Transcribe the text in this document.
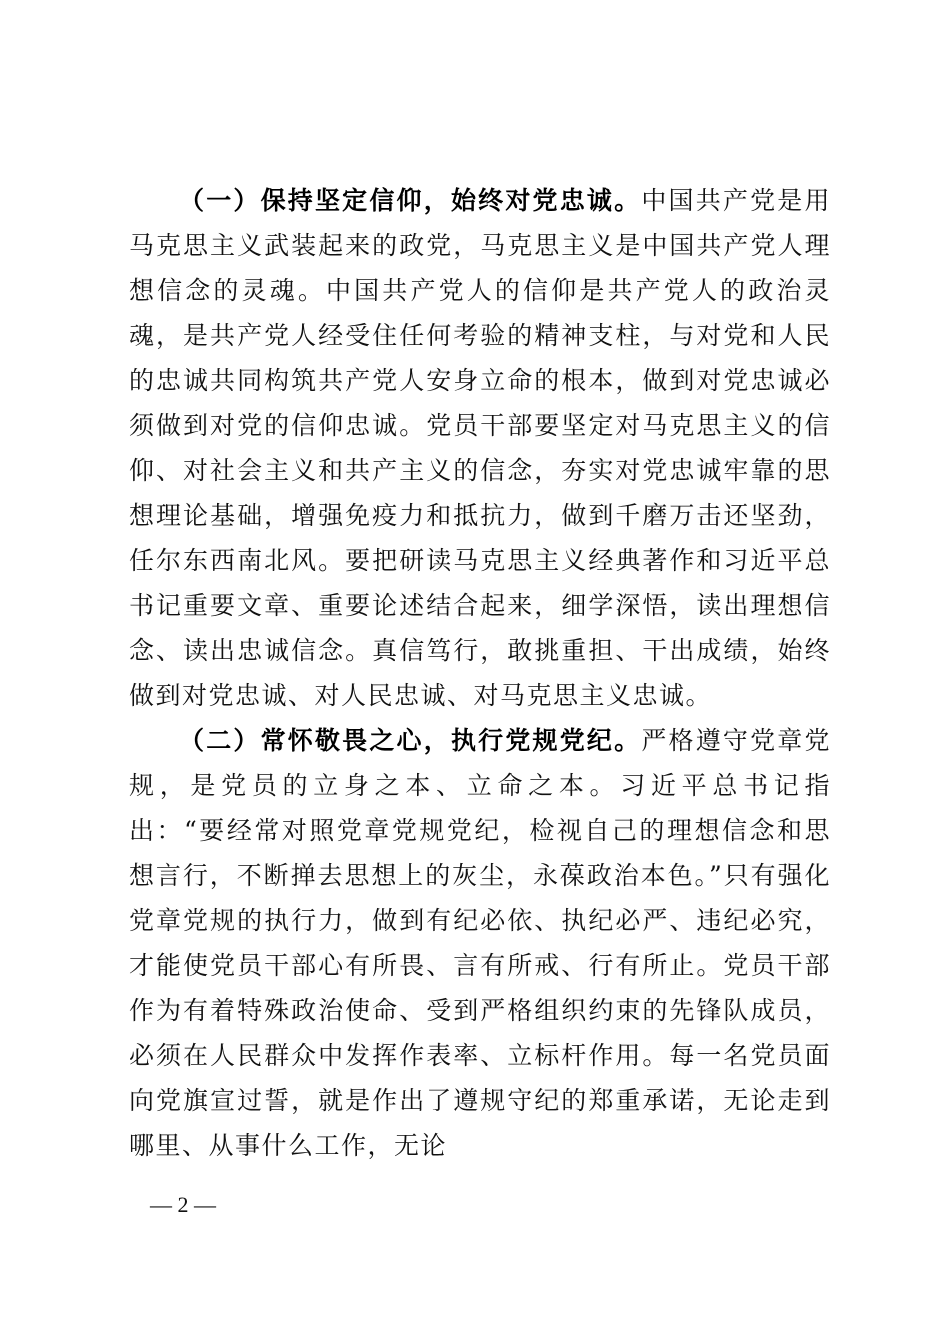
（一）保持坚定信仰，始终对党忠诚。中国共产党是用马克思主义武装起来的政党，马克思主义是中国共产党人理想信念的灵魂。中国共产党人的信仰是共产党人的政治灵魂，是共产党人经受住任何考验的精神支柱，与对党和人民的忠诚共同构筑共产党人安身立命的根本，做到对党忠诚必须做到对党的信仰忠诚。党员干部要坚定对马克思主义的信仰、对社会主义和共产主义的信念，夯实对党忠诚牢靠的思想理论基础，增强免疫力和抵抗力，做到千磨万击还坚劲，任尔东西南北风。要把研读马克思主义经典著作和习近平总书记重要文章、重要论述结合起来，细学深悟，读出理想信念、读出忠诚信念。真信笃行，敢挑重担、干出成绩，始终做到对党忠诚、对人民忠诚、对马克思主义忠诚。

（二）常怀敬畏之心，执行党规党纪。严格遵守党章党规，是党员的立身之本、立命之本。习近平总书记指出：“要经常对照党章党规党纪，检视自己的理想信念和思想言行，不断掸去思想上的灰尘，永葆政治本色。”只有强化党章党规的执行力，做到有纪必依、执纪必严、违纪必究，才能使党员干部心有所畏、言有所戒、行有所止。党员干部作为有着特殊政治使命、受到严格组织约束的先锋队成员，必须在人民群众中发挥作表率、立标杆作用。每一名党员面向党旗宣过誓，就是作出了遵规守纪的郑重承诺，无论走到哪里、从事什么工作，无论

— 2 —
